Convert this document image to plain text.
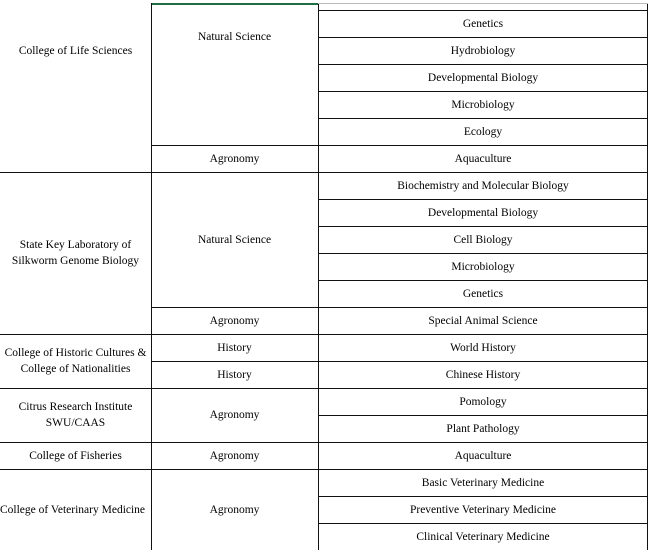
College of Life Sciences
State Key Laboratory of Silkworm Genome Biology
College of Historic Cultures & College of Nationalities
Citrus Research Institute SWU/CAAS
College of Fisheries
College of Veterinary Medicine
Natural Science
Agronomy
Natural Science
Agronomy
History
History
Agronomy
Agronomy
Agronomy
Genetics
Hydrobiology
Developmental Biology
Microbiology
Ecology
Aquaculture
Biochemistry and Molecular Biology
Developmental Biology
Cell Biology
Microbiology
Genetics
Special Animal Science
World History
Chinese History
Pomology
Plant Pathology
Aquaculture
Basic Veterinary Medicine
Preventive Veterinary Medicine
Clinical Veterinary Medicine
